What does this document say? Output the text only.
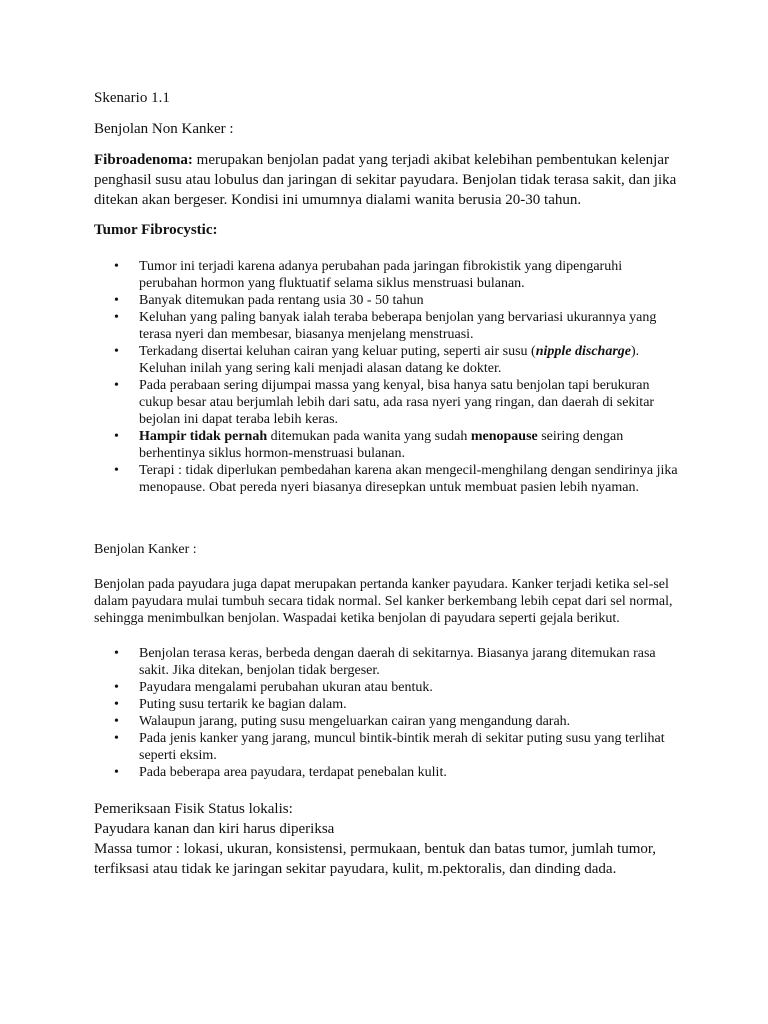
Skenario 1.1

Benjolan Non Kanker :

Fibroadenoma: merupakan benjolan padat yang terjadi akibat kelebihan pembentukan kelenjar penghasil susu atau lobulus dan jaringan di sekitar payudara. Benjolan tidak terasa sakit, dan jika ditekan akan bergeser. Kondisi ini umumnya dialami wanita berusia 20-30 tahun.

Tumor Fibrocystic:

• Tumor ini terjadi karena adanya perubahan pada jaringan fibrokistik yang dipengaruhi perubahan hormon yang fluktuatif selama siklus menstruasi bulanan.
• Banyak ditemukan pada rentang usia 30 - 50 tahun
• Keluhan yang paling banyak ialah teraba beberapa benjolan yang bervariasi ukurannya yang terasa nyeri dan membesar, biasanya menjelang menstruasi.
• Terkadang disertai keluhan cairan yang keluar puting, seperti air susu (nipple discharge). Keluhan inilah yang sering kali menjadi alasan datang ke dokter.
• Pada perabaan sering dijumpai massa yang kenyal, bisa hanya satu benjolan tapi berukuran cukup besar atau berjumlah lebih dari satu, ada rasa nyeri yang ringan, dan daerah di sekitar bejolan ini dapat teraba lebih keras.
• Hampir tidak pernah ditemukan pada wanita yang sudah menopause seiring dengan berhentinya siklus hormon-menstruasi bulanan.
• Terapi : tidak diperlukan pembedahan karena akan mengecil-menghilang dengan sendirinya jika menopause. Obat pereda nyeri biasanya diresepkan untuk membuat pasien lebih nyaman.

Benjolan Kanker :

Benjolan pada payudara juga dapat merupakan pertanda kanker payudara. Kanker terjadi ketika sel-sel dalam payudara mulai tumbuh secara tidak normal. Sel kanker berkembang lebih cepat dari sel normal, sehingga menimbulkan benjolan. Waspadai ketika benjolan di payudara seperti gejala berikut.

• Benjolan terasa keras, berbeda dengan daerah di sekitarnya. Biasanya jarang ditemukan rasa sakit. Jika ditekan, benjolan tidak bergeser.
• Payudara mengalami perubahan ukuran atau bentuk.
• Puting susu tertarik ke bagian dalam.
• Walaupun jarang, puting susu mengeluarkan cairan yang mengandung darah.
• Pada jenis kanker yang jarang, muncul bintik-bintik merah di sekitar puting susu yang terlihat seperti eksim.
• Pada beberapa area payudara, terdapat penebalan kulit.

Pemeriksaan Fisik Status lokalis:

Payudara kanan dan kiri harus diperiksa

Massa tumor : lokasi, ukuran, konsistensi, permukaan, bentuk dan batas tumor, jumlah tumor, terfiksasi atau tidak ke jaringan sekitar payudara, kulit, m.pektoralis, dan dinding dada.
